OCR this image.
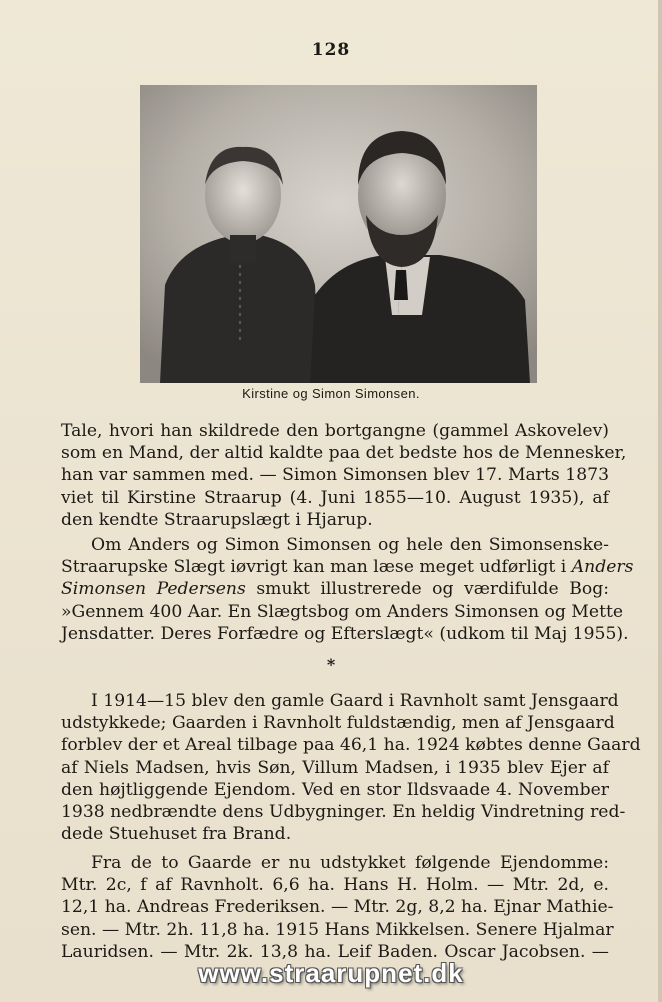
128
Kirstine og Simon Simonsen.
Tale, hvori han skildrede den bortgangne (gammel Askovelev)
som en Mand, der altid kaldte paa det bedste hos de Mennesker,
han var sammen med. — Simon Simonsen blev 17. Marts 1873
viet til Kirstine Straarup (4. Juni 1855—10. August 1935), af
den kendte Straarupslægt i Hjarup.
Om Anders og Simon Simonsen og hele den Simonsenske-
Straarupske Slægt iøvrigt kan man læse meget udførligt i Anders
Simonsen Pedersens smukt illustrerede og værdifulde Bog:
»Gennem 400 Aar. En Slægtsbog om Anders Simonsen og Mette
Jensdatter. Deres Forfædre og Efterslægt« (udkom til Maj 1955).
*
I 1914—15 blev den gamle Gaard i Ravnholt samt Jensgaard
udstykkede; Gaarden i Ravnholt fuldstændig, men af Jensgaard
forblev der et Areal tilbage paa 46,1 ha. 1924 købtes denne Gaard
af Niels Madsen, hvis Søn, Villum Madsen, i 1935 blev Ejer af
den højtliggende Ejendom. Ved en stor Ildsvaade 4. November
1938 nedbrændte dens Udbygninger. En heldig Vindretning red-
dede Stuehuset fra Brand.
Fra de to Gaarde er nu udstykket følgende Ejendomme:
Mtr. 2c, f af Ravnholt. 6,6 ha. Hans H. Holm. — Mtr. 2d, e.
12,1 ha. Andreas Frederiksen. — Mtr. 2g, 8,2 ha. Ejnar Mathie-
sen. — Mtr. 2h. 11,8 ha. 1915 Hans Mikkelsen. Senere Hjalmar
Lauridsen. — Mtr. 2k. 13,8 ha. Leif Baden. Oscar Jacobsen. —
www.straarupnet.dk
